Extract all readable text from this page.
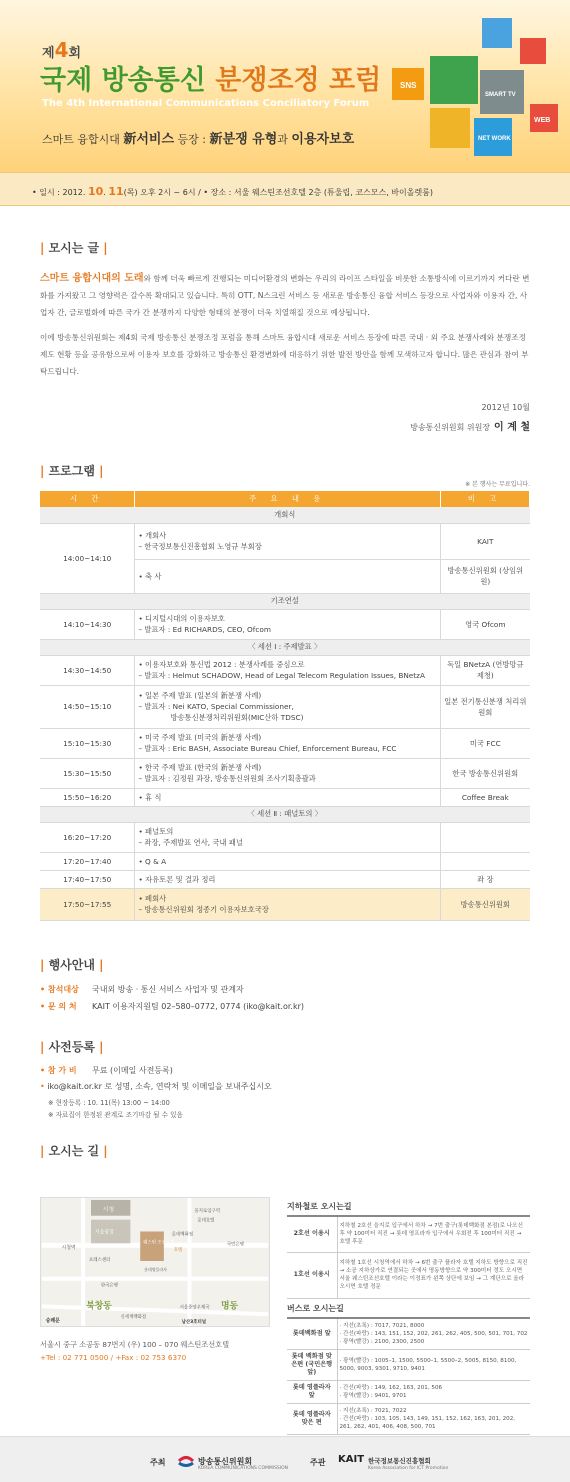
제4회
국제 방송통신 분쟁조정 포럼
The 4th International Communications Conciliatory Forum
스마트 융합시대 新서비스 등장 : 新분쟁 유형과 이용자보호
SNS
SMART TV
NET WORK
WEB
• 일시 : 2012. 10. 11(목) 오후 2시 ~ 6시 / • 장소 : 서울 웨스틴조선호텔 2층 (튜울립, 코스모스, 바이올렛룸)
| 모시는 글 |

스마트 융합시대의 도래와 함께 더욱 빠르게 진행되는 미디어환경의 변화는 우리의 라이프 스타일을 비롯한 소통방식에 이르기까지 커다란 변화를 가져왔고 그 영향력은 갈수록 확대되고 있습니다. 특히 OTT, N스크린 서비스 등 새로운 방송통신 융합 서비스 등장으로 사업자와 이용자 간, 사업자 간, 글로벌화에 따른 국가 간 분쟁까지 다양한 형태의 분쟁이 더욱 치열해질 것으로 예상됩니다.

이에 방송통신위원회는 제4회 국제 방송통신 분쟁조정 포럼을 통해 스마트 융합시대 새로운 서비스 등장에 따른 국내 · 외 주요 분쟁사례와 분쟁조정제도 현황 등을 공유함으로써 이용자 보호를 강화하고 방송통신 환경변화에 대응하기 위한 발전 방안을 함께 모색하고자 합니다. 많은 관심과 참여 부탁드립니다.

2012년 10월
방송통신위원회 위원장 이 계 철
| 프로그램 |
※ 본 행사는 무료입니다.
시 간	주 요 내 용	비 고
개회식		
14:00~14:10	• 개회사
– 한국정보통신진흥협회 노영규 부회장	KAIT

	• 축 사	방송통신위원회 (상임위원)
기조연설		
14:10~14:30	• 디지털시대의 이용자보호
– 발표자 : Ed RICHARDS, CEO, Ofcom	영국 Ofcom
〈 세션 Ⅰ : 주제발표 〉		
14:30~14:50	• 이용자보호와 통신법 2012 : 분쟁사례를 중심으로
– 발표자 : Helmut SCHADOW, Head of Legal Telecom Regulation Issues, BNetzA	독일 BNetzA (연방망규제청)
14:50~15:10	• 일본 주제 발표 (일본의 新분쟁 사례)
– 발표자 : Nei KATO, Special Commissioner,
방송통신분쟁처리위원회(MIC산하 TDSC)	일본 전기통신분쟁 처리위원회
15:10~15:30	• 미국 주제 발표 (미국의 新분쟁 사례)
– 발표자 : Eric BASH, Associate Bureau Chief, Enforcement Bureau, FCC	미국 FCC
15:30~15:50	• 한국 주제 발표 (한국의 新분쟁 사례)
– 발표자 : 김정원 과장, 방송통신위원회 조사기획총괄과	한국 방송통신위원회
15:50~16:20	• 휴 식	Coffee Break
〈 세션 Ⅱ : 패널토의 〉		
16:20~17:20	• 패널토의
– 좌장, 주제발표 연사, 국내 패널	

17:20~17:40	• Q & A	

17:40~17:50	• 자유토론 및 결과 정리	좌 장
17:50~17:55	• 폐회사
– 방송통신위원회 정종기 이용자보호국장	방송통신위원회
| 행사안내 |
• 참석대상 국내외 방송 · 통신 서비스 사업자 및 관계자
• 문 의 처 KAIT 이용자지원팀 02–580–0772, 0774 (iko@kait.or.kr)
| 사전등록 |
• 참 가 비 무료 (이메일 사전등록)
• iko@kait.or.kr 로 성명, 소속, 연락처 및 이메일을 보내주십시오
※ 현장등록 : 10. 11(목) 13:00 ~ 14:00
※ 자료집이 한정된 관계로 조기마감 될 수 있음
| 오시는 길 |
시청
서울광장
시청역
프레스센터
을지로입구역
롯데호텔
롯데백화점
웨스틴 조선호텔
호텔
국민은행
한국은행
북창동	명동
신세계백화점
서울중앙우체국
숭례문	남산3호터널
롯데영플라자
서울시 중구 소공동 87번지 (우) 100 – 070 웨스틴조선호텔
+Tel : 02 771 0500 / +Fax : 02 753 6370
지하철로 오시는길
2호선 이용시	지하철 2호선 을지로 입구에서 하차 → 7번 출구(롯데백화점 본점)로 나오신 후 약 100미터 직진 → 롯데 영프라자 입구에서 우회전 후 100미터 직진 → 호텔 후문
1호선 이용시	지하철 1호선 시청역에서 하차 → 6번 출구 플라자 호텔 지하도 방향으로 직진 → 소공 지하상가로 연결되는 곳에서 명동방향으로 약 300미터 정도 오시면 서울 웨스틴조선호텔 이라는 이정표가 왼쪽 상단에 보임 → 그 계단으로 올라오시면 호텔 정문
버스로 오시는길
롯데백화점 앞	· 지선(초록) : 7017, 7021, 8000
· 간선(파랑) : 143, 151, 152, 202, 261, 262, 405, 500, 501, 701, 702
· 광역(빨강) : 2100, 2300, 2500

롯데 백화점 맞은편 (국민은행 앞)	· 광역(빨강) : 1005–1, 1500, 5500–1, 5500–2, 5005, 8150, 8100, 5000, 9003, 9301, 9710, 9401

롯데 영플라자 앞	· 간선(파랑) : 149, 162, 163, 201, 506
· 광역(빨강) : 9401, 9701

롯데 영플라자 맞은 편	· 지선(초록) : 7021, 7022
· 간선(파랑) : 103, 105, 143, 149, 151, 152, 162, 163, 201, 202, 261, 262, 401, 406, 408, 500, 701
주최	방송통신위원회
KOREA COMMUNICATIONS COMMISSION
주관 KAIT 한국정보통신진흥협회
Korea Association for ICT Promotion
